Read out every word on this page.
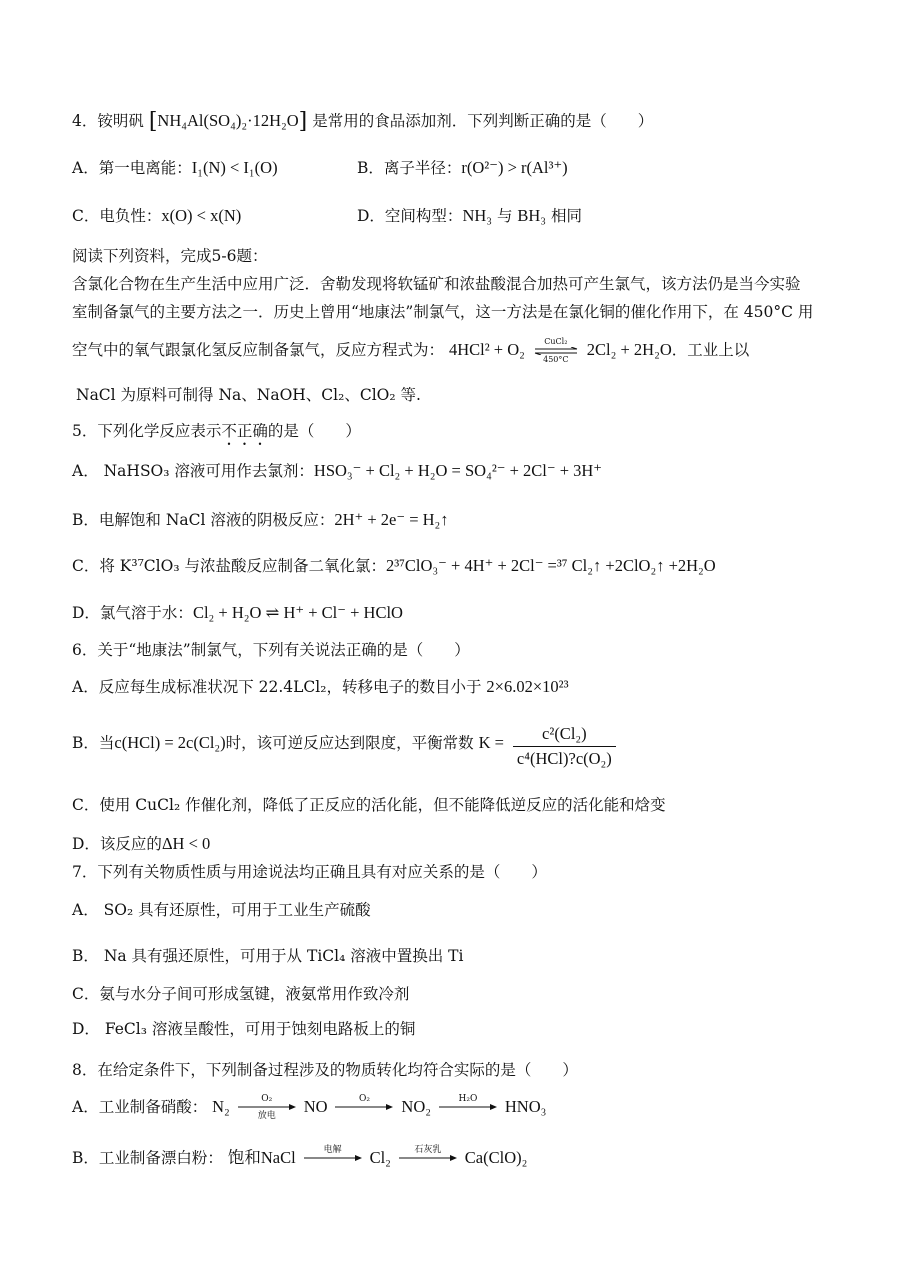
4．铵明矾 [NH₄Al(SO₄)₂·12H₂O] 是常用的食品添加剂．下列判断正确的是（　　）
A．第一电离能：I₁(N) < I₁(O)	B．离子半径：r(O²⁻) > r(Al³⁺)
C．电负性：x(O) < x(N)	D．空间构型：NH₃ 与 BH₃ 相同
阅读下列资料，完成5-6题：
含氯化合物在生产生活中应用广泛．舍勒发现将软锰矿和浓盐酸混合加热可产生氯气，该方法仍是当今实验
室制备氯气的主要方法之一．历史上曾用“地康法”制氯气，这一方法是在氯化铜的催化作用下，在 450°C 用
空气中的氧气跟氯化氢反应制备氯气，反应方程式为： 4HCl² + O₂	CuCl₂
450°C
2Cl₂ + 2H₂O．工业上以
NaCl 为原料可制得 Na、NaOH、Cl₂、ClO₂ 等.
5．下列化学反应表示不正确的是（　　）
A． NaHSO₃ 溶液可用作去氯剂：HSO₃⁻ + Cl₂ + H₂O = SO₄²⁻ + 2Cl⁻ + 3H⁺
B．电解饱和 NaCl 溶液的阴极反应：2H⁺ + 2e⁻ = H₂↑
C．将 K³⁷ClO₃ 与浓盐酸反应制备二氧化氯：2³⁷ClO₃⁻ + 4H⁺ + 2Cl⁻ =³⁷ Cl₂↑ +2ClO₂↑ +2H₂O
D．氯气溶于水：Cl₂ + H₂O ⇌ H⁺ + Cl⁻ + HClO
6．关于“地康法”制氯气，下列有关说法正确的是（　　）
A．反应每生成标准状况下 22.4LCl₂，转移电子的数目小于 2×6.02×10²³
B．当c(HCl) = 2c(Cl₂)时，该可逆反应达到限度，平衡常数 $K = \frac{\text{c²(Cl₂)}}{\text{c⁴(HCl)?c(O₂)}}$
C．使用 CuCl₂ 作催化剂，降低了正反应的活化能，但不能降低逆反应的活化能和焓变
D．该反应的ΔH < 0
7．下列有关物质性质与用途说法均正确且具有对应关系的是（　　）
A． SO₂ 具有还原性，可用于工业生产硫酸
B． Na 具有强还原性，可用于从 TiCl₄ 溶液中置换出 Ti
C．氨与水分子间可形成氢键，液氨常用作致冷剂
D． FeCl₃ 溶液呈酸性，可用于蚀刻电路板上的铜
8．在给定条件下，下列制备过程涉及的物质转化均符合实际的是（　　）
A．工业制备硝酸： N₂	O₂
放电	NO	O₂	NO₂	H₂O	HNO₃
B．工业制备漂白粉： 饱和NaCl	电解	Cl₂	石灰乳	Ca(ClO)₂
